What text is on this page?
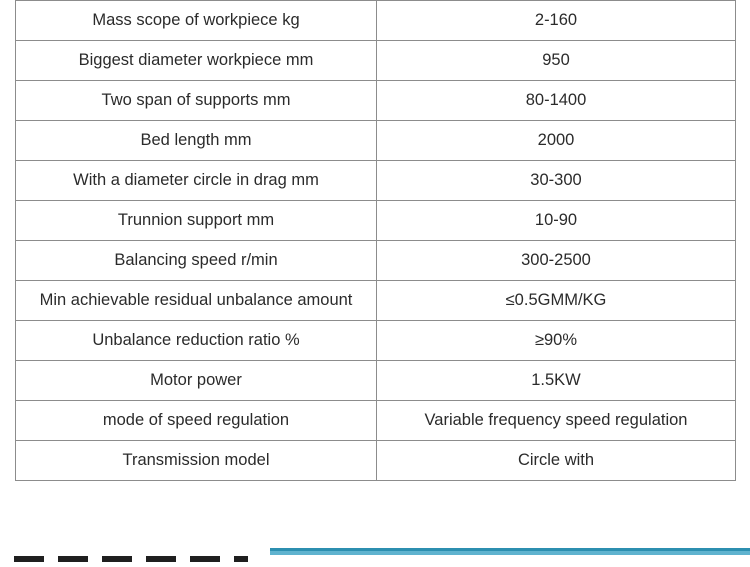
Mass scope of workpiece kg	2-160
Biggest diameter workpiece mm	950
Two span of supports mm	80-1400
Bed length mm	2000
With a diameter circle in drag mm	30-300
Trunnion support mm	10-90
Balancing speed r/min	300-2500
Min achievable residual unbalance amount	≤0.5GMM/KG
Unbalance reduction ratio %	≥90%
Motor power	1.5KW
mode of speed regulation	Variable frequency speed regulation
Transmission model	Circle with
